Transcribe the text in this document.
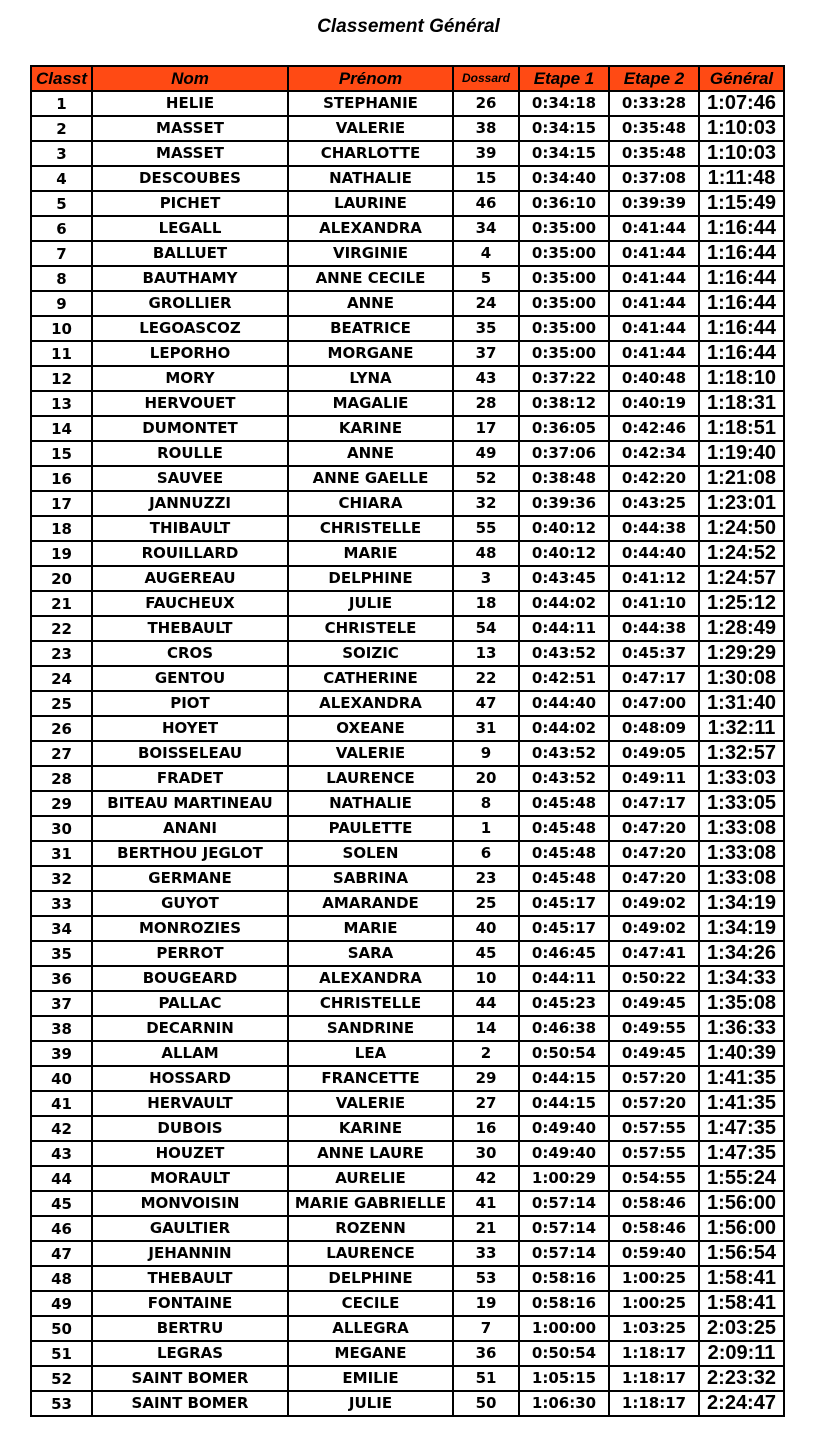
Classement Général
Classt	Nom	Prénom	Dossard	Etape 1	Etape 2	Général
1	HELIE	STEPHANIE	26	0:34:18	0:33:28	1:07:46
2	MASSET	VALERIE	38	0:34:15	0:35:48	1:10:03
3	MASSET	CHARLOTTE	39	0:34:15	0:35:48	1:10:03
4	DESCOUBES	NATHALIE	15	0:34:40	0:37:08	1:11:48
5	PICHET	LAURINE	46	0:36:10	0:39:39	1:15:49
6	LEGALL	ALEXANDRA	34	0:35:00	0:41:44	1:16:44
7	BALLUET	VIRGINIE	4	0:35:00	0:41:44	1:16:44
8	BAUTHAMY	ANNE CECILE	5	0:35:00	0:41:44	1:16:44
9	GROLLIER	ANNE	24	0:35:00	0:41:44	1:16:44
10	LEGOASCOZ	BEATRICE	35	0:35:00	0:41:44	1:16:44
11	LEPORHO	MORGANE	37	0:35:00	0:41:44	1:16:44
12	MORY	LYNA	43	0:37:22	0:40:48	1:18:10
13	HERVOUET	MAGALIE	28	0:38:12	0:40:19	1:18:31
14	DUMONTET	KARINE	17	0:36:05	0:42:46	1:18:51
15	ROULLE	ANNE	49	0:37:06	0:42:34	1:19:40
16	SAUVEE	ANNE GAELLE	52	0:38:48	0:42:20	1:21:08
17	JANNUZZI	CHIARA	32	0:39:36	0:43:25	1:23:01
18	THIBAULT	CHRISTELLE	55	0:40:12	0:44:38	1:24:50
19	ROUILLARD	MARIE	48	0:40:12	0:44:40	1:24:52
20	AUGEREAU	DELPHINE	3	0:43:45	0:41:12	1:24:57
21	FAUCHEUX	JULIE	18	0:44:02	0:41:10	1:25:12
22	THEBAULT	CHRISTELE	54	0:44:11	0:44:38	1:28:49
23	CROS	SOIZIC	13	0:43:52	0:45:37	1:29:29
24	GENTOU	CATHERINE	22	0:42:51	0:47:17	1:30:08
25	PIOT	ALEXANDRA	47	0:44:40	0:47:00	1:31:40
26	HOYET	OXEANE	31	0:44:02	0:48:09	1:32:11
27	BOISSELEAU	VALERIE	9	0:43:52	0:49:05	1:32:57
28	FRADET	LAURENCE	20	0:43:52	0:49:11	1:33:03
29	BITEAU MARTINEAU	NATHALIE	8	0:45:48	0:47:17	1:33:05
30	ANANI	PAULETTE	1	0:45:48	0:47:20	1:33:08
31	BERTHOU JEGLOT	SOLEN	6	0:45:48	0:47:20	1:33:08
32	GERMANE	SABRINA	23	0:45:48	0:47:20	1:33:08
33	GUYOT	AMARANDE	25	0:45:17	0:49:02	1:34:19
34	MONROZIES	MARIE	40	0:45:17	0:49:02	1:34:19
35	PERROT	SARA	45	0:46:45	0:47:41	1:34:26
36	BOUGEARD	ALEXANDRA	10	0:44:11	0:50:22	1:34:33
37	PALLAC	CHRISTELLE	44	0:45:23	0:49:45	1:35:08
38	DECARNIN	SANDRINE	14	0:46:38	0:49:55	1:36:33
39	ALLAM	LEA	2	0:50:54	0:49:45	1:40:39
40	HOSSARD	FRANCETTE	29	0:44:15	0:57:20	1:41:35
41	HERVAULT	VALERIE	27	0:44:15	0:57:20	1:41:35
42	DUBOIS	KARINE	16	0:49:40	0:57:55	1:47:35
43	HOUZET	ANNE LAURE	30	0:49:40	0:57:55	1:47:35
44	MORAULT	AURELIE	42	1:00:29	0:54:55	1:55:24
45	MONVOISIN	MARIE GABRIELLE	41	0:57:14	0:58:46	1:56:00
46	GAULTIER	ROZENN	21	0:57:14	0:58:46	1:56:00
47	JEHANNIN	LAURENCE	33	0:57:14	0:59:40	1:56:54
48	THEBAULT	DELPHINE	53	0:58:16	1:00:25	1:58:41
49	FONTAINE	CECILE	19	0:58:16	1:00:25	1:58:41
50	BERTRU	ALLEGRA	7	1:00:00	1:03:25	2:03:25
51	LEGRAS	MEGANE	36	0:50:54	1:18:17	2:09:11
52	SAINT BOMER	EMILIE	51	1:05:15	1:18:17	2:23:32
53	SAINT BOMER	JULIE	50	1:06:30	1:18:17	2:24:47
